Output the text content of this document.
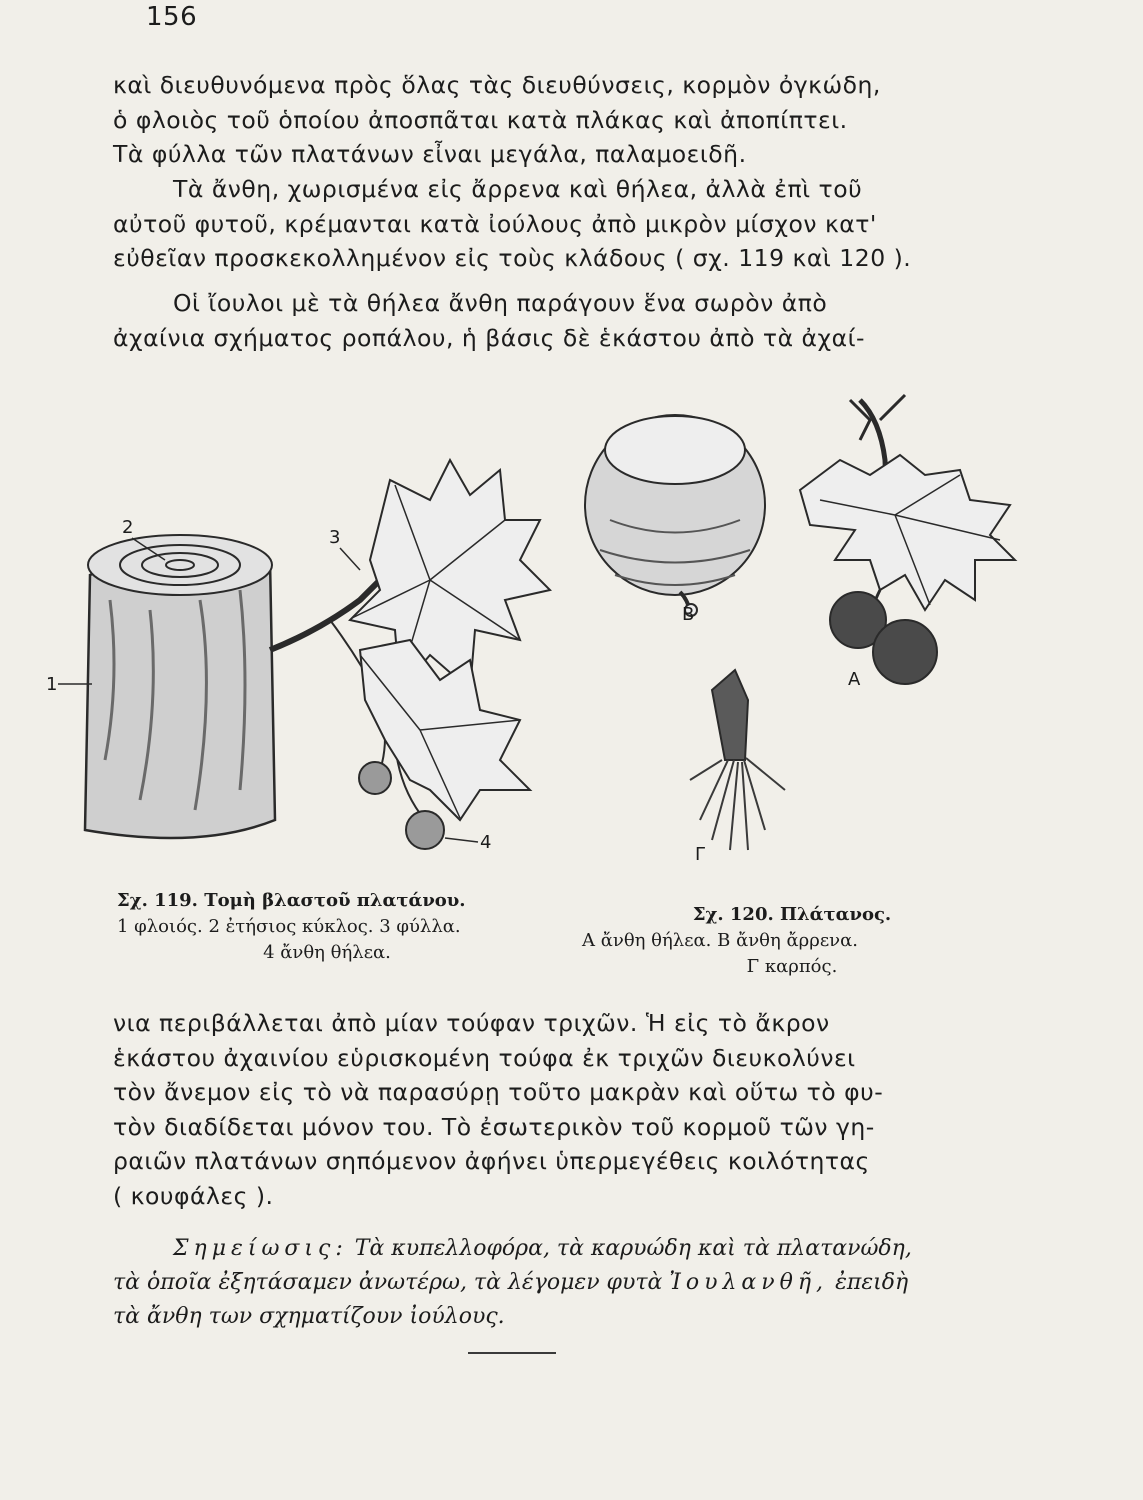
156

καὶ διευθυνόμενα πρὸς ὅλας τὰς διευθύνσεις, κορμὸν ὀγκώδη,
ὁ φλοιὸς τοῦ ὁποίου ἀποσπᾶται κατὰ πλάκας καὶ ἀποπίπτει.
Τὰ φύλλα τῶν πλατάνων εἶναι μεγάλα, παλαμοειδῆ.

Τὰ ἄνθη, χωρισμένα εἰς ἄρρενα καὶ θήλεα, ἀλλὰ ἐπὶ τοῦ
αὐτοῦ φυτοῦ, κρέμανται κατὰ ἰούλους ἀπὸ μικρὸν μίσχον κατ'
εὐθεῖαν προσκεκολλημένον εἰς τοὺς κλάδους ( σχ. 119 καὶ 120 ).

Οἱ ἴουλοι μὲ τὰ θήλεα ἄνθη παράγουν ἕνα σωρὸν ἀπὸ
ἀχαίνια σχήματος ροπάλου, ἡ βάσις δὲ ἑκάστου ἀπὸ τὰ ἀχαί-

2	3
1
4
Β
Α
Γ
Σχ. 119. Τομὴ βλαστοῦ πλατάνου.
1 φλοιός. 2 ἐτήσιος κύκλος. 3 φύλλα.
4 ἄνθη θήλεα.
Σχ. 120. Πλάτανος.
Α ἄνθη θήλεα. Β ἄνθη ἄρρενα.
Γ καρπός.

νια περιβάλλεται ἀπὸ μίαν τούφαν τριχῶν. Ἡ εἰς τὸ ἄκρον
ἑκάστου ἀχαινίου εὑρισκομένη τούφα ἐκ τριχῶν διευκολύνει
τὸν ἄνεμον εἰς τὸ νὰ παρασύρῃ τοῦτο μακρὰν καὶ οὕτω τὸ φυ-
τὸν διαδίδεται μόνον του. Τὸ ἐσωτερικὸν τοῦ κορμοῦ τῶν γη-
ραιῶν πλατάνων σηπόμενον ἀφήνει ὑπερμεγέθεις κοιλότητας
( κουφάλες ).

Σημείωσις: Τὰ κυπελλοφόρα, τὰ καρυώδη καὶ τὰ πλατανώδη,
τὰ ὁποῖα ἐξητάσαμεν ἀνωτέρω, τὰ λέγομεν φυτὰ Ἰουλανθῆ, ἐπειδὴ
τὰ ἄνθη των σχηματίζουν ἰούλους.
